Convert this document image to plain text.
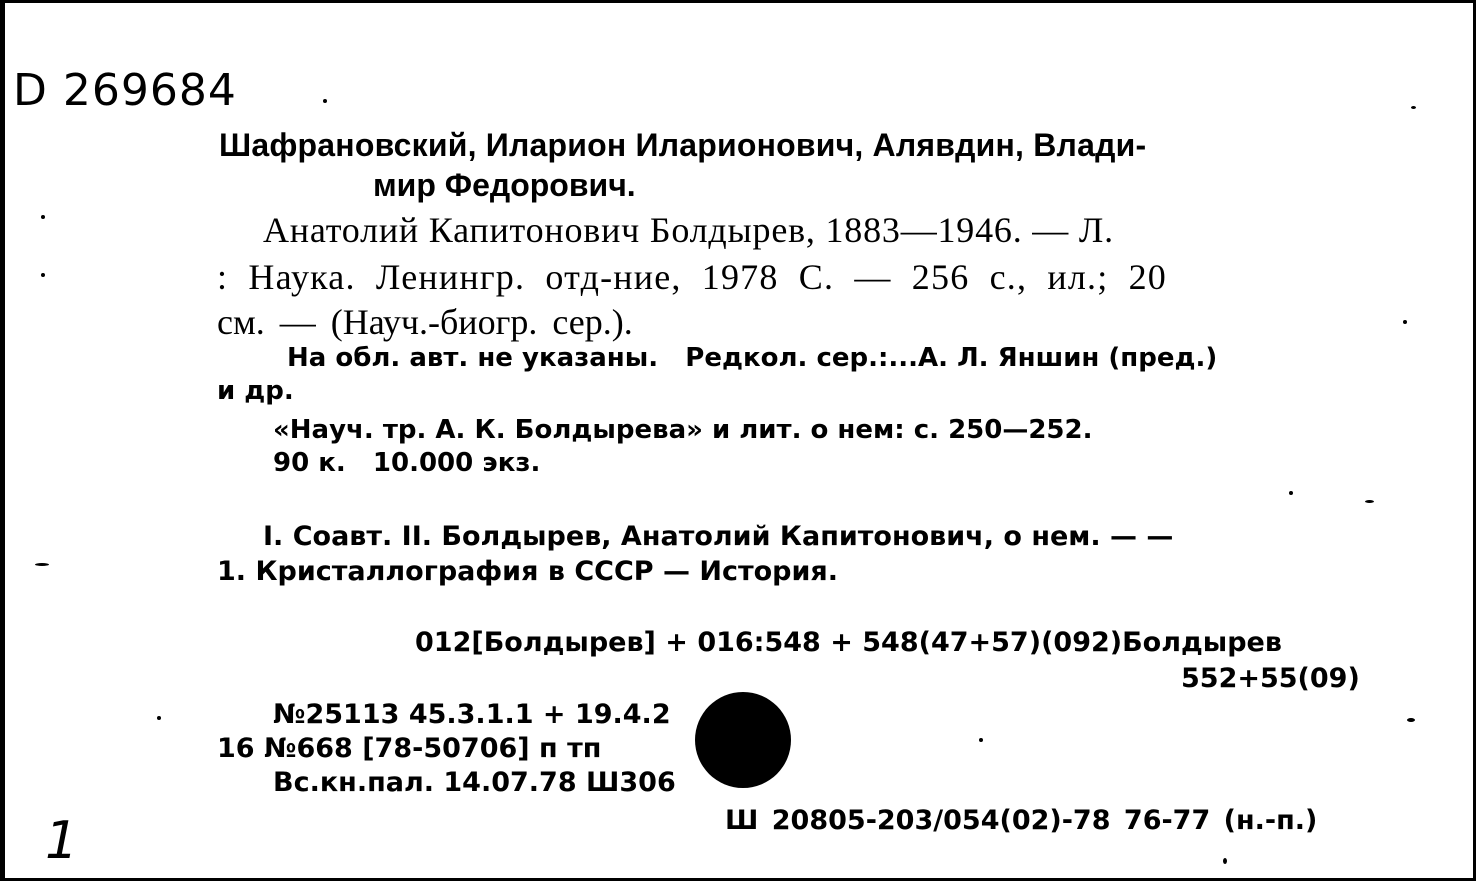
D 269684
Шафрановский, Иларион Иларионович, Алявдин, Влади-
мир Федорович.
Анатолий Капитонович Болдырев, 1883—1946. — Л.
: Наука. Ленингр. отд-ние, 1978 С. — 256 с., ил.; 20
см. — (Науч.-биогр. сер.).
На обл. авт. не указаны.   Редкол. сер.:...А. Л. Яншин (пред.)
и др.
«Науч. тр. А. К. Болдырева» и лит. о нем: с. 250—252.
90 к.   10.000 экз.
I. Соавт. II. Болдырев, Анатолий Капитонович, о нем. — —
1. Кристаллография в СССР — История.
012[Болдырев] + 016:548 + 548(47+57)(092)Болдырев
552+55(09)
№25113 45.3.1.1 + 19.4.2
16 №668 [78-50706] п тп
Вс.кн.пал. 14.07.78 Ш306
Ш 20805-203/054(02)-78 76-77 (н.-п.)
1
